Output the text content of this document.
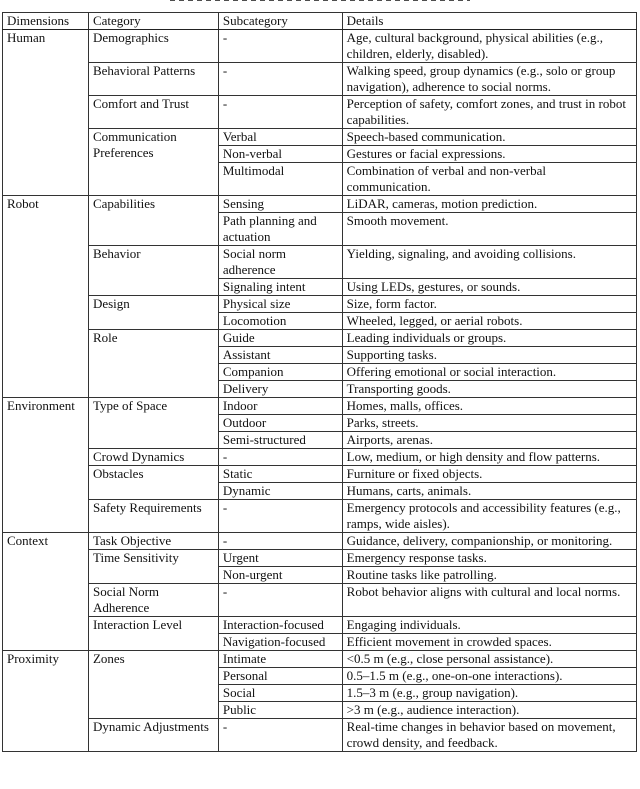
Dimensions	Category	Subcategory	Details
Human	Demographics	-	Age, cultural background, physical abilities (e.g., children, elderly, disabled).
	Behavioral Patterns	-	Walking speed, group dynamics (e.g., solo or group navigation), adherence to social norms.
	Comfort and Trust	-	Perception of safety, comfort zones, and trust in robot capabilities.
	Communication Preferences	Verbal	Speech-based communication.
		Non-verbal	Gestures or facial expressions.
		Multimodal	Combination of verbal and non-verbal communication.
Robot	Capabilities	Sensing	LiDAR, cameras, motion prediction.
		Path planning and actuation	Smooth movement.
	Behavior	Social norm adherence	Yielding, signaling, and avoiding collisions.
		Signaling intent	Using LEDs, gestures, or sounds.
	Design	Physical size	Size, form factor.
		Locomotion	Wheeled, legged, or aerial robots.
	Role	Guide	Leading individuals or groups.
		Assistant	Supporting tasks.
		Companion	Offering emotional or social interaction.
		Delivery	Transporting goods.
Environment	Type of Space	Indoor	Homes, malls, offices.
		Outdoor	Parks, streets.
		Semi-structured	Airports, arenas.
	Crowd Dynamics	-	Low, medium, or high density and flow patterns.
	Obstacles	Static	Furniture or fixed objects.
		Dynamic	Humans, carts, animals.
	Safety Requirements	-	Emergency protocols and accessibility features (e.g., ramps, wide aisles).
Context	Task Objective	-	Guidance, delivery, companionship, or monitoring.
	Time Sensitivity	Urgent	Emergency response tasks.
		Non-urgent	Routine tasks like patrolling.
	Social Norm Adherence	-	Robot behavior aligns with cultural and local norms.
	Interaction Level	Interaction-focused	Engaging individuals.
		Navigation-focused	Efficient movement in crowded spaces.
Proximity	Zones	Intimate	<0.5 m (e.g., close personal assistance).
		Personal	0.5–1.5 m (e.g., one-on-one interactions).
		Social	1.5–3 m (e.g., group navigation).
		Public	>3 m (e.g., audience interaction).
	Dynamic Adjustments	-	Real-time changes in behavior based on movement, crowd density, and feedback.
